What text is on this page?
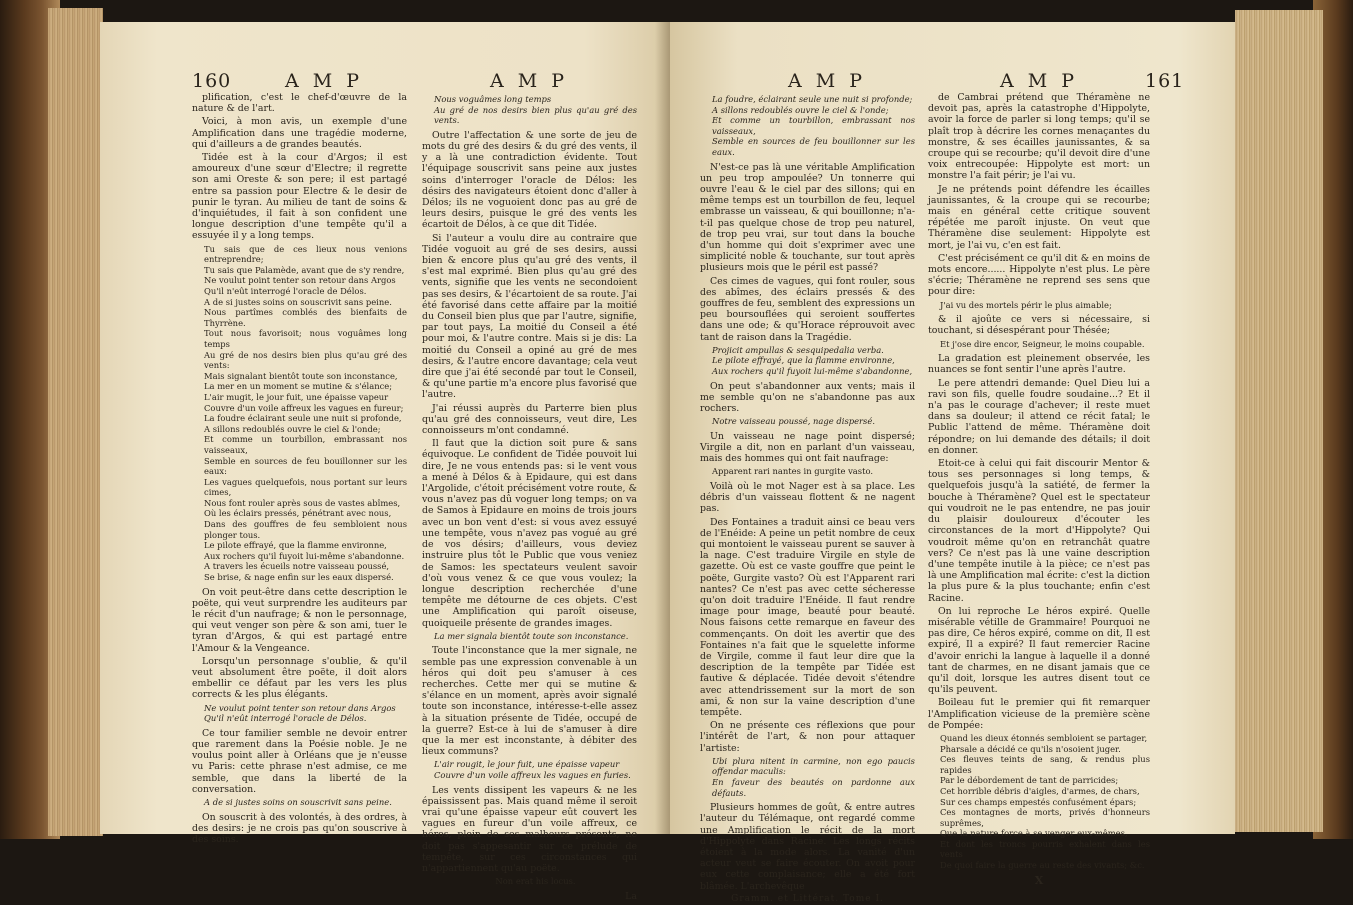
160	A M P	A M P

plification, c'est le chef-d'œuvre de la nature & de l'art.

Voici, à mon avis, un exemple d'une Amplification dans une tragédie moderne, qui d'ailleurs a de grandes beautés.

Tidée est à la cour d'Argos; il est amoureux d'une sœur d'Electre; il regrette son ami Oreste & son pere; il est partagé entre sa passion pour Electre & le desir de punir le tyran. Au milieu de tant de soins & d'inquiétudes, il fait à son confident une longue description d'une tempête qu'il a essuyée il y a long temps.

Tu sais que de ces lieux nous venions entreprendre;
Tu sais que Palamède, avant que de s'y rendre,
Ne voulut point tenter son retour dans Argos
Qu'il n'eût interrogé l'oracle de Délos.
A de si justes soins on souscrivit sans peine.
Nous partîmes comblés des bienfaits de Thyrrène.
Tout nous favorisoit; nous voguâmes long temps
Au gré de nos desirs bien plus qu'au gré des vents:
Mais signalant bientôt toute son inconstance,
La mer en un moment se mutine & s'élance;
L'air mugit, le jour fuit, une épaisse vapeur
Couvre d'un voile affreux les vagues en fureur;
La foudre éclairant seule une nuit si profonde,
A sillons redoublés ouvre le ciel & l'onde;
Et comme un tourbillon, embrassant nos vaisseaux,
Semble en sources de feu bouillonner sur les eaux:
Les vagues quelquefois, nous portant sur leurs cimes,
Nous font rouler après sous de vastes abîmes,
Où les éclairs pressés, pénétrant avec nous,
Dans des gouffres de feu sembloient nous plonger tous.
Le pilote effrayé, que la flamme environne,
Aux rochers qu'il fuyoit lui-même s'abandonne.
A travers les écueils notre vaisseau poussé,
Se brise, & nage enfin sur les eaux dispersé.

On voit peut-être dans cette description le poëte, qui veut surprendre les auditeurs par le récit d'un naufrage; & non le personnage, qui veut venger son père & son ami, tuer le tyran d'Argos, & qui est partagé entre l'Amour & la Vengeance.

Lorsqu'un personnage s'oublie, & qu'il veut absolument être poëte, il doit alors embellir ce défaut par les vers les plus corrects & les plus élégants.

Ne voulut point tenter son retour dans Argos
Qu'il n'eût interrogé l'oracle de Délos.

Ce tour familier semble ne devoir entrer que rarement dans la Poésie noble. Je ne voulus point aller à Orléans que je n'eusse vu Paris: cette phrase n'est admise, ce me semble, que dans la liberté de la conversation.

A de si justes soins on souscrivit sans peine.

On souscrit à des volontés, à des ordres, à des desirs: je ne crois pas qu'on souscrive à des soins.

Nous voguâmes long temps
Au gré de nos desirs bien plus qu'au gré des vents.

Outre l'affectation & une sorte de jeu de mots du gré des desirs & du gré des vents, il y a là une contradiction évidente. Tout l'équipage souscrivit sans peine aux justes soins d'interroger l'oracle de Délos: les désirs des navigateurs étoient donc d'aller à Délos; ils ne voguoient donc pas au gré de leurs desirs, puisque le gré des vents les écartoit de Délos, à ce que dit Tidée.

Si l'auteur a voulu dire au contraire que Tidée voguoit au gré de ses desirs, aussi bien & encore plus qu'au gré des vents, il s'est mal exprimé. Bien plus qu'au gré des vents, signifie que les vents ne secondoient pas ses desirs, & l'écartoient de sa route. J'ai été favorisé dans cette affaire par la moitié du Conseil bien plus que par l'autre, signifie, par tout pays, La moitié du Conseil a été pour moi, & l'autre contre. Mais si je dis: La moitié du Conseil a opiné au gré de mes desirs, & l'autre encore davantage; cela veut dire que j'ai été secondé par tout le Conseil, & qu'une partie m'a encore plus favorisé que l'autre.

J'ai réussi auprès du Parterre bien plus qu'au gré des connoisseurs, veut dire, Les connoisseurs m'ont condamné.

Il faut que la diction soit pure & sans équivoque. Le confident de Tidée pouvoit lui dire, Je ne vous entends pas: si le vent vous a mené à Délos & à Epidaure, qui est dans l'Argolide, c'étoit précisément votre route, & vous n'avez pas dû voguer long temps; on va de Samos à Epidaure en moins de trois jours avec un bon vent d'est: si vous avez essuyé une tempête, vous n'avez pas vogué au gré de vos désirs; d'ailleurs, vous deviez instruire plus tôt le Public que vous veniez de Samos: les spectateurs veulent savoir d'où vous venez & ce que vous voulez; la longue description recherchée d'une tempête me détourne de ces objets. C'est une Amplification qui paroît oiseuse, quoiqueile présente de grandes images.

La mer signala bientôt toute son inconstance.

Toute l'inconstance que la mer signale, ne semble pas une expression convenable à un héros qui doit peu s'amuser à ces recherches. Cette mer qui se mutine & s'élance en un moment, après avoir signalé toute son inconstance, intéresse-t-elle assez à la situation présente de Tidée, occupé de la guerre? Est-ce à lui de s'amuser à dire que la mer est inconstante, à débiter des lieux communs?

L'air rougit, le jour fuit, une épaisse vapeur
Couvre d'un voile affreux les vagues en furies.

Les vents dissipent les vapeurs & ne les épaississent pas. Mais quand même il seroit vrai qu'une épaisse vapeur eût couvert les vagues en fureur d'un voile affreux, ce héros, plein de ses malheurs présents, ne doit pas s'appesantir sur ce prélude de tempête, sur ces circonstances qui n'appartiennent qu'au poëte.

Non erat his locus.
La
A M P	A M P	161
La foudre, éclairant seule une nuit si profonde;
A sillons redoublés ouvre le ciel & l'onde;
Et comme un tourbillon, embrassant nos vaisseaux,
Semble en sources de feu bouillonner sur les eaux.

N'est-ce pas là une véritable Amplification un peu trop ampoulée? Un tonnerre qui ouvre l'eau & le ciel par des sillons; qui en même temps est un tourbillon de feu, lequel embrasse un vaisseau, & qui bouillonne; n'a-t-il pas quelque chose de trop peu naturel, de trop peu vrai, sur tout dans la bouche d'un homme qui doit s'exprimer avec une simplicité noble & touchante, sur tout après plusieurs mois que le péril est passé?

Ces cimes de vagues, qui font rouler, sous des abîmes, des éclairs pressés & des gouffres de feu, semblent des expressions un peu boursouflées qui seroient souffertes dans une ode; & qu'Horace réprouvoit avec tant de raison dans la Tragédie.

Projicit ampullas & sesquipedalia verba.
Le pilote effrayé, que la flamme environne,
Aux rochers qu'il fuyoit lui-même s'abandonne,

On peut s'abandonner aux vents; mais il me semble qu'on ne s'abandonne pas aux rochers.

Notre vaisseau poussé, nage dispersé.

Un vaisseau ne nage point dispersé; Virgile a dit, non en parlant d'un vaisseau, mais des hommes qui ont fait naufrage:

Apparent rari nantes in gurgite vasto.

Voilà où le mot Nager est à sa place. Les débris d'un vaisseau flottent & ne nagent pas.

Des Fontaines a traduit ainsi ce beau vers de l'Enéide: A peine un petit nombre de ceux qui montoient le vaisseau purent se sauver à la nage. C'est traduire Virgile en style de gazette. Où est ce vaste gouffre que peint le poëte, Gurgite vasto? Où est l'Apparent rari nantes? Ce n'est pas avec cette sécheresse qu'on doit traduire l'Enéide. Il faut rendre image pour image, beauté pour beauté. Nous faisons cette remarque en faveur des commençants. On doit les avertir que des Fontaines n'a fait que le squelette informe de Virgile, comme il faut leur dire que la description de la tempête par Tidée est fautive & déplacée. Tidée devoit s'étendre avec attendrissement sur la mort de son ami, & non sur la vaine description d'une tempête.

On ne présente ces réflexions que pour l'intérêt de l'art, & non pour attaquer l'artiste:

Ubi plura nitent in carmine, non ego paucis offendar maculis:
En faveur des beautés on pardonne aux défauts.

Plusieurs hommes de goût, & entre autres l'auteur du Télémaque, ont regardé comme une Amplification le récit de la mort d'Hippolyte dans Racine. Les longs récits étoient à la mode alors. La vanité d'un acteur veut se faire écouter. On avoit pour eux cette complaisance; elle a été fort blâmée. L'archevêque

Gramm. et Littérat. Tome I.

de Cambrai prétend que Théramène ne devoit pas, après la catastrophe d'Hippolyte, avoir la force de parler si long temps; qu'il se plaît trop à décrire les cornes menaçantes du monstre, & ses écailles jaunissantes, & sa croupe qui se recourbe; qu'il devoit dire d'une voix entrecoupée: Hippolyte est mort: un monstre l'a fait périr; je l'ai vu.

Je ne prétends point défendre les écailles jaunissantes, & la croupe qui se recourbe; mais en général cette critique souvent répétée me paroît injuste. On veut que Théramène dise seulement: Hippolyte est mort, je l'ai vu, c'en est fait.

C'est précisément ce qu'il dit & en moins de mots encore...... Hippolyte n'est plus. Le père s'écrie; Théramène ne reprend ses sens que pour dire:

J'ai vu des mortels périr le plus aimable;

& il ajoûte ce vers si nécessaire, si touchant, si désespérant pour Thésée;

Et j'ose dire encor, Seigneur, le moins coupable.

La gradation est pleinement observée, les nuances se font sentir l'une après l'autre.

Le pere attendri demande: Quel Dieu lui a ravi son fils, quelle foudre soudaine...? Et il n'a pas le courage d'achever; il reste muet dans sa douleur; il attend ce récit fatal; le Public l'attend de même. Théramène doit répondre; on lui demande des détails; il doit en donner.

Etoit-ce à celui qui fait discourir Mentor & tous ses personnages si long temps, & quelquefois jusqu'à la satiété, de fermer la bouche à Théramène? Quel est le spectateur qui voudroit ne le pas entendre, ne pas jouir du plaisir douloureux d'écouter les circonstances de la mort d'Hippolyte? Qui voudroit même qu'on en retranchât quatre vers? Ce n'est pas là une vaine description d'une tempête inutile à la pièce; ce n'est pas là une Amplification mal écrite: c'est la diction la plus pure & la plus touchante; enfin c'est Racine.

On lui reproche Le héros expiré. Quelle misérable vétille de Grammaire! Pourquoi ne pas dire, Ce héros expiré, comme on dit, Il est expiré, Il a expiré? Il faut remercier Racine d'avoir enrichi la langue à laquelle il a donné tant de charmes, en ne disant jamais que ce qu'il doit, lorsque les autres disent tout ce qu'ils peuvent.

Boileau fut le premier qui fit remarquer l'Amplification vicieuse de la première scène de Pompée:

Quand les dieux étonnés sembloient se partager,
Pharsale a décidé ce qu'ils n'osoient juger.
Ces fleuves teints de sang, & rendus plus rapides
Par le débordement de tant de parricides;
Cet horrible débris d'aigles, d'armes, de chars,
Sur ces champs empestés confusément épars;
Ces montagnes de morts, privés d'honneurs suprêmes,
Que la nature force à se venger eux-mêmes,
Et dont les troncs pourris exhalent dans les vents
De quoi faire la guerre au reste des vivants; &c.
X
